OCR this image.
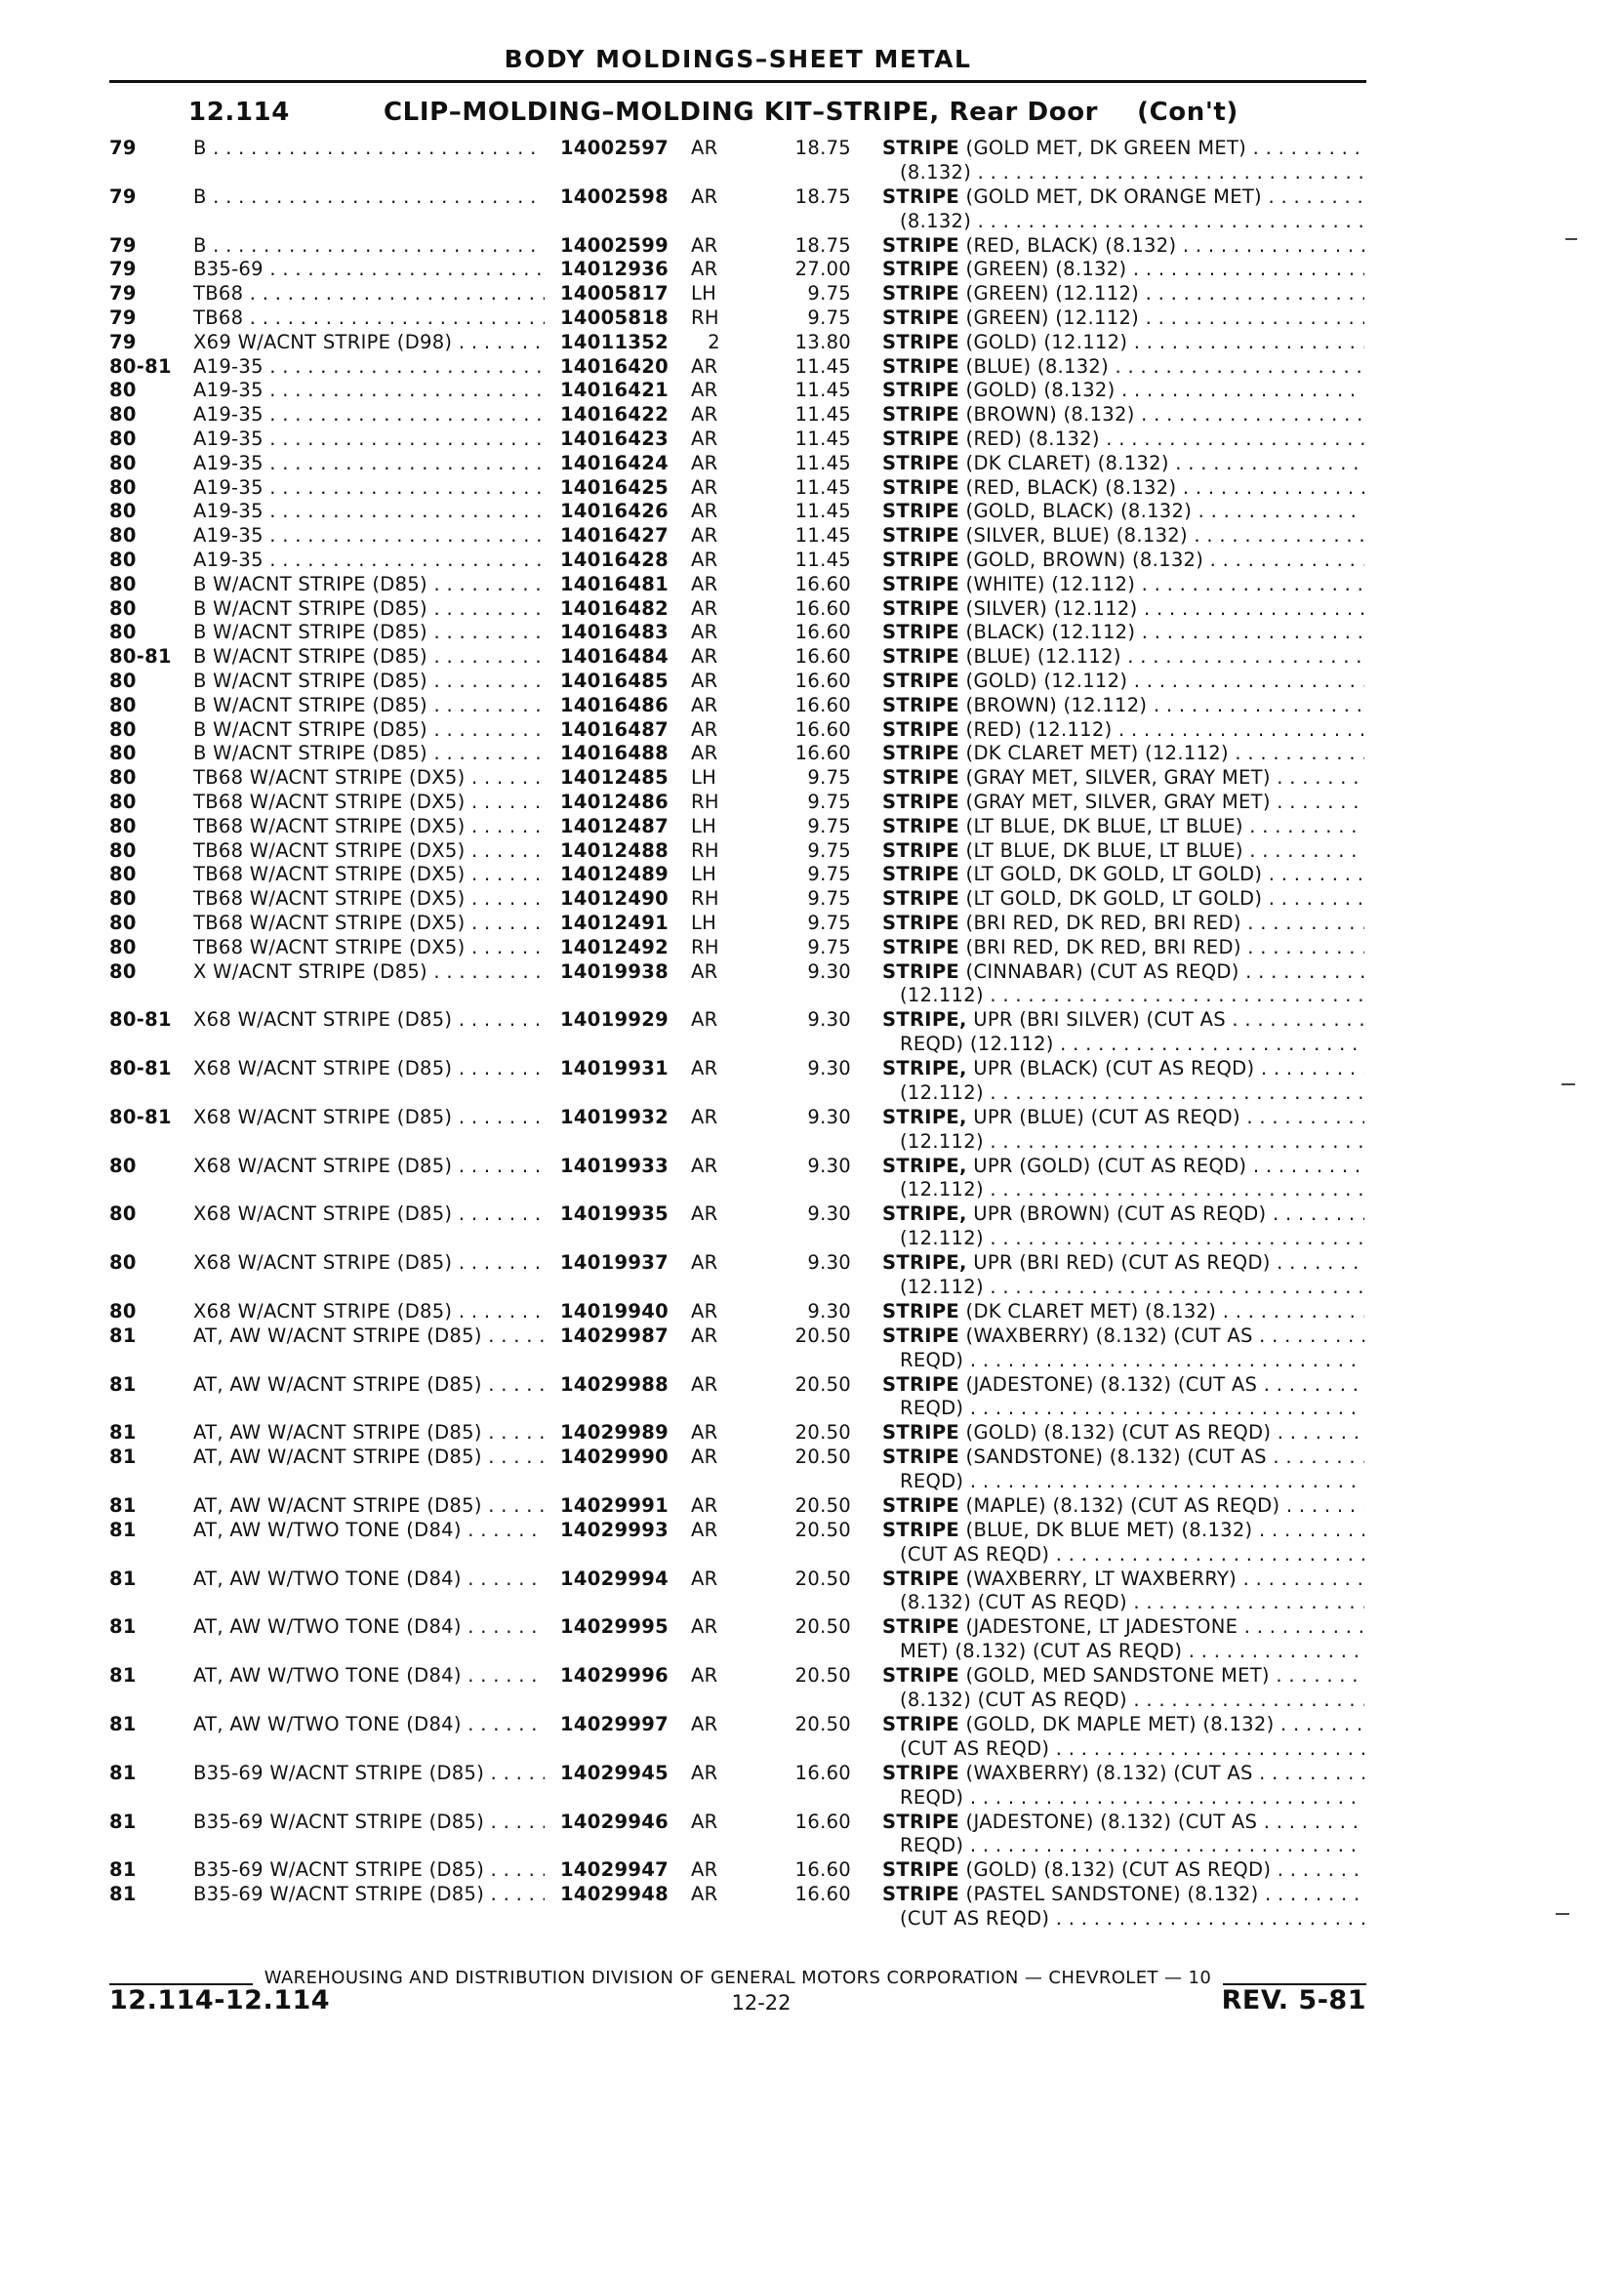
BODY MOLDINGS–SHEET METAL
12.114	CLIP–MOLDING–MOLDING KIT–STRIPE, Rear Door (Con't)
79	B . . .	14002597 AR	18.75 STRIPE (GOLD MET, DK GREEN MET) . . .
(8.132) . . .
79	B . . .	14002598 AR	18.75 STRIPE (GOLD MET, DK ORANGE MET) . . .
(8.132) . . .
79	B . . .	14002599 AR	18.75 STRIPE (RED, BLACK) (8.132) . . .
79	B35-69 . . .	14012936 AR	27.00 STRIPE (GREEN) (8.132) . . .
79	TB68 . . .	14005817 LH	9.75 STRIPE (GREEN) (12.112) . . .
79	TB68 . . .	14005818 RH	9.75 STRIPE (GREEN) (12.112) . . .
79	X69 W/ACNT STRIPE (D98) . . .	14011352	2	13.80 STRIPE (GOLD) (12.112) . . .
80-81 A19-35 . . .	14016420 AR	11.45 STRIPE (BLUE) (8.132) . . .
80	A19-35 . . .	14016421 AR	11.45 STRIPE (GOLD) (8.132) . . .
80	A19-35 . . .	14016422 AR	11.45 STRIPE (BROWN) (8.132) . . .
80	A19-35 . . .	14016423 AR	11.45 STRIPE (RED) (8.132) . . .
80	A19-35 . . .	14016424 AR	11.45 STRIPE (DK CLARET) (8.132) . . .
80	A19-35 . . .	14016425 AR	11.45 STRIPE (RED, BLACK) (8.132) . . .
80	A19-35 . . .	14016426 AR	11.45 STRIPE (GOLD, BLACK) (8.132) . . .
80	A19-35 . . .	14016427 AR	11.45 STRIPE (SILVER, BLUE) (8.132) . . .
80	A19-35 . . .	14016428 AR	11.45 STRIPE (GOLD, BROWN) (8.132) . . .
80	B W/ACNT STRIPE (D85) . . .	14016481 AR	16.60 STRIPE (WHITE) (12.112) . . .
80	B W/ACNT STRIPE (D85) . . .	14016482 AR	16.60 STRIPE (SILVER) (12.112) . . .
80	B W/ACNT STRIPE (D85) . . .	14016483 AR	16.60 STRIPE (BLACK) (12.112) . . .
80-81 B W/ACNT STRIPE (D85) . . .	14016484 AR	16.60 STRIPE (BLUE) (12.112) . . .
80	B W/ACNT STRIPE (D85) . . .	14016485 AR	16.60 STRIPE (GOLD) (12.112) . . .
80	B W/ACNT STRIPE (D85) . . .	14016486 AR	16.60 STRIPE (BROWN) (12.112) . . .
80	B W/ACNT STRIPE (D85) . . .	14016487 AR	16.60 STRIPE (RED) (12.112) . . .
80	B W/ACNT STRIPE (D85) . . .	14016488 AR	16.60 STRIPE (DK CLARET MET) (12.112) . . .
80	TB68 W/ACNT STRIPE (DX5) . . .	14012485 LH	9.75 STRIPE (GRAY MET, SILVER, GRAY MET) . . .
80	TB68 W/ACNT STRIPE (DX5) . . .	14012486 RH	9.75 STRIPE (GRAY MET, SILVER, GRAY MET) . . .
80	TB68 W/ACNT STRIPE (DX5) . . .	14012487 LH	9.75 STRIPE (LT BLUE, DK BLUE, LT BLUE) . . .
80	TB68 W/ACNT STRIPE (DX5) . . .	14012488 RH	9.75 STRIPE (LT BLUE, DK BLUE, LT BLUE) . . .
80	TB68 W/ACNT STRIPE (DX5) . . .	14012489 LH	9.75 STRIPE (LT GOLD, DK GOLD, LT GOLD) . . .
80	TB68 W/ACNT STRIPE (DX5) . . .	14012490 RH	9.75 STRIPE (LT GOLD, DK GOLD, LT GOLD) . . .
80	TB68 W/ACNT STRIPE (DX5) . . .	14012491 LH	9.75 STRIPE (BRI RED, DK RED, BRI RED) . . .
80	TB68 W/ACNT STRIPE (DX5) . . .	14012492 RH	9.75 STRIPE (BRI RED, DK RED, BRI RED) . . .
80	X W/ACNT STRIPE (D85) . . .	14019938 AR	9.30 STRIPE (CINNABAR) (CUT AS REQD) . . .
(12.112) . . .
80-81 X68 W/ACNT STRIPE (D85) . . .	14019929 AR	9.30 STRIPE, UPR (BRI SILVER) (CUT AS . . .
REQD) (12.112) . . .
80-81 X68 W/ACNT STRIPE (D85) . . .	14019931 AR	9.30 STRIPE, UPR (BLACK) (CUT AS REQD) . . .
(12.112) . . .
80-81 X68 W/ACNT STRIPE (D85) . . .	14019932 AR	9.30 STRIPE, UPR (BLUE) (CUT AS REQD) . . .
(12.112) . . .
80	X68 W/ACNT STRIPE (D85) . . .	14019933 AR	9.30 STRIPE, UPR (GOLD) (CUT AS REQD) . . .
(12.112) . . .
80	X68 W/ACNT STRIPE (D85) . . .	14019935 AR	9.30 STRIPE, UPR (BROWN) (CUT AS REQD) . . .
(12.112) . . .
80	X68 W/ACNT STRIPE (D85) . . .	14019937 AR	9.30 STRIPE, UPR (BRI RED) (CUT AS REQD) . . .
(12.112) . . .
80	X68 W/ACNT STRIPE (D85) . . .	14019940 AR	9.30 STRIPE (DK CLARET MET) (8.132) . . .
81	AT, AW W/ACNT STRIPE (D85) . . .	14029987 AR	20.50 STRIPE (WAXBERRY) (8.132) (CUT AS . . .
REQD) . . .
81	AT, AW W/ACNT STRIPE (D85) . . .	14029988 AR	20.50 STRIPE (JADESTONE) (8.132) (CUT AS . . .
REQD) . . .
81	AT, AW W/ACNT STRIPE (D85) . . .	14029989 AR	20.50 STRIPE (GOLD) (8.132) (CUT AS REQD) . . .
81	AT, AW W/ACNT STRIPE (D85) . . .	14029990 AR	20.50 STRIPE (SANDSTONE) (8.132) (CUT AS . . .
REQD) . . .
81	AT, AW W/ACNT STRIPE (D85) . . .	14029991 AR	20.50 STRIPE (MAPLE) (8.132) (CUT AS REQD) . . .
81	AT, AW W/TWO TONE (D84) . . .	14029993 AR	20.50 STRIPE (BLUE, DK BLUE MET) (8.132) . . .
(CUT AS REQD) . . .
81	AT, AW W/TWO TONE (D84) . . .	14029994 AR	20.50 STRIPE (WAXBERRY, LT WAXBERRY) . . .
(8.132) (CUT AS REQD) . . .
81	AT, AW W/TWO TONE (D84) . . .	14029995 AR	20.50 STRIPE (JADESTONE, LT JADESTONE . . .
MET) (8.132) (CUT AS REQD) . . .
81	AT, AW W/TWO TONE (D84) . . .	14029996 AR	20.50 STRIPE (GOLD, MED SANDSTONE MET) . . .
(8.132) (CUT AS REQD) . . .
81	AT, AW W/TWO TONE (D84) . . .	14029997 AR	20.50 STRIPE (GOLD, DK MAPLE MET) (8.132) . . .
(CUT AS REQD) . . .
81	B35-69 W/ACNT STRIPE (D85) . . .	14029945 AR	16.60 STRIPE (WAXBERRY) (8.132) (CUT AS . . .
REQD) . . .
81	B35-69 W/ACNT STRIPE (D85) . . .	14029946 AR	16.60 STRIPE (JADESTONE) (8.132) (CUT AS . . .
REQD) . . .
81	B35-69 W/ACNT STRIPE (D85) . . .	14029947 AR	16.60 STRIPE (GOLD) (8.132) (CUT AS REQD) . . .
81	B35-69 W/ACNT STRIPE (D85) . . .	14029948 AR	16.60 STRIPE (PASTEL SANDSTONE) (8.132) . . .
(CUT AS REQD) . . .
WAREHOUSING AND DISTRIBUTION DIVISION OF GENERAL MOTORS CORPORATION — CHEVROLET — 10
12.114-12.114	12-22	REV. 5-81
